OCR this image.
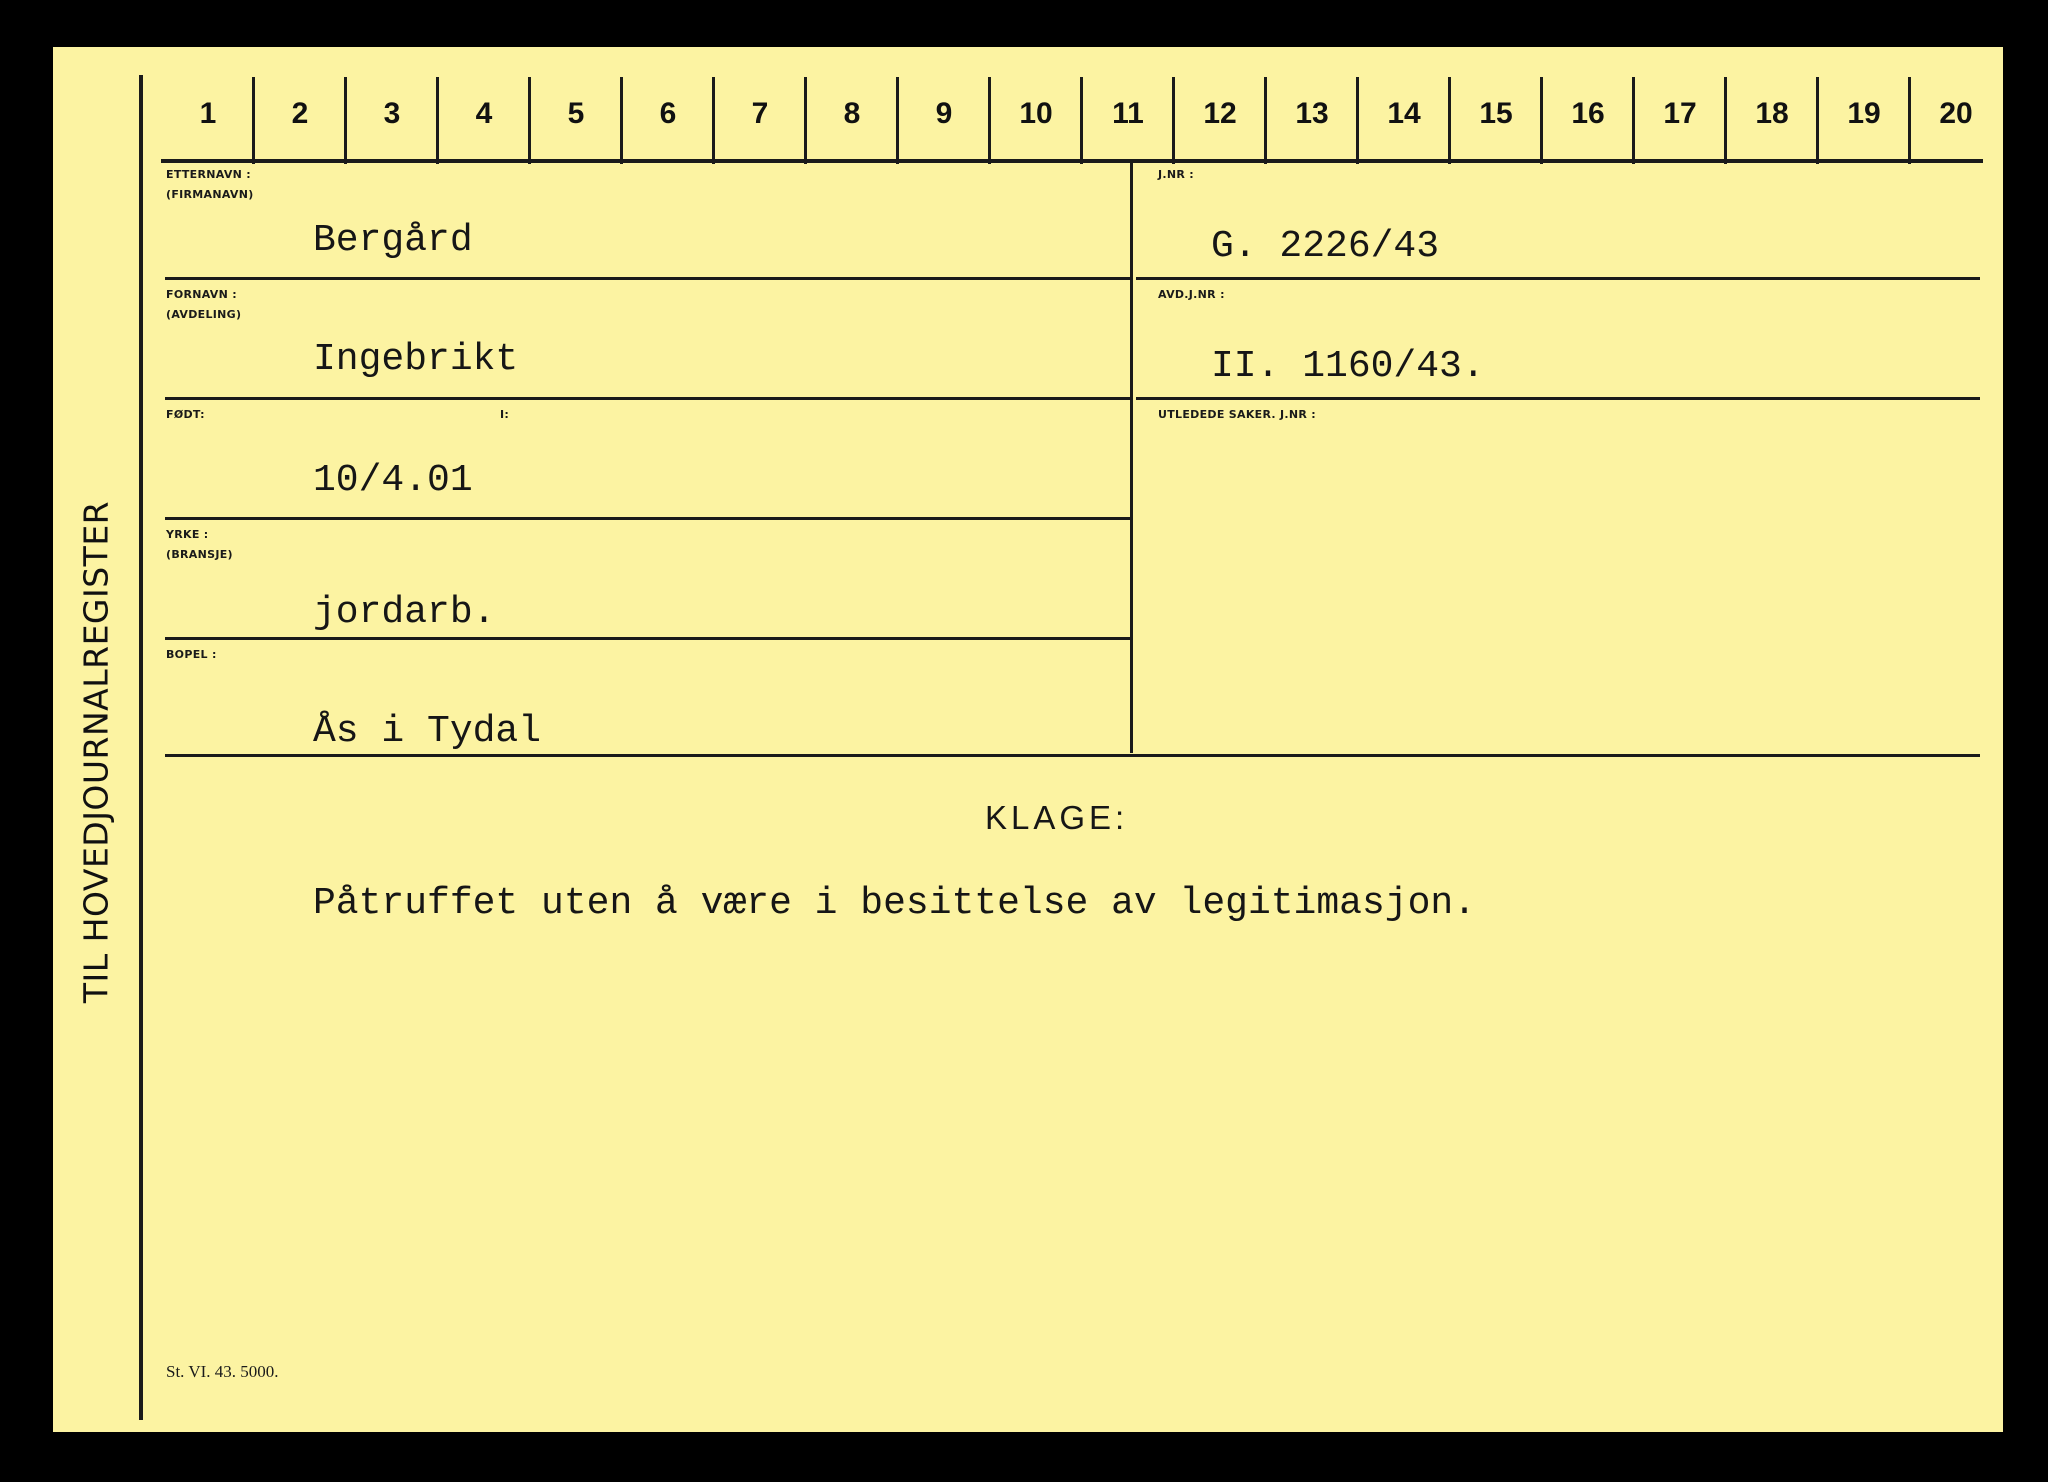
TIL HOVEDJOURNALREGISTER
1	2	3	4	5	6	7	8	9	10	11	12	13	14	15	16	17	18	19	20
ETTERNAVN :
(FIRMANAVN)
Bergård
FORNAVN :
(AVDELING)
Ingebrikt
FØDT:	I:
10/4.01
YRKE :
(BRANSJE)
jordarb.
BOPEL :
Ås i Tydal
J.NR :
G. 2226/43
AVD.J.NR :
II. 1160/43.
UTLEDEDE SAKER. J.NR :
KLAGE:
Påtruffet uten å være i besittelse av legitimasjon.
St. VI. 43. 5000.
